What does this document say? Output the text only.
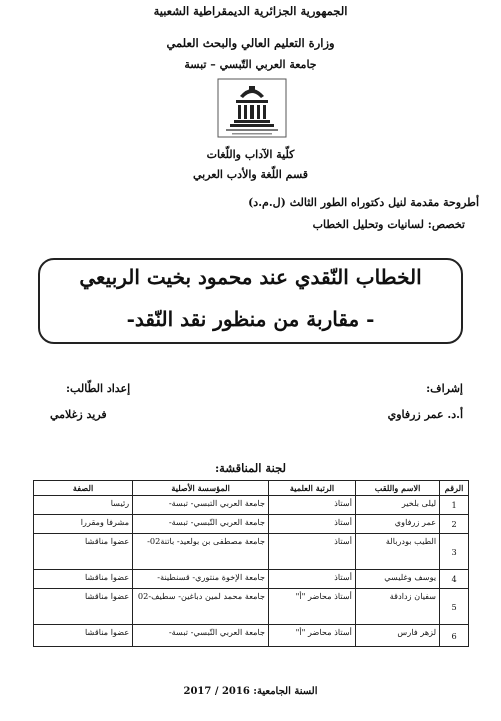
الجمهورية الجزائرية الديمقراطية الشعبية
وزارة التعليم العالي والبحث العلمي
جامعة العربي التّبسي – تبسة
كلّية الآداب واللّغات
قسم اللّغة والأدب العربي
أطروحة مقدمة لنيل دكتوراه الطور الثالث (ل.م.د)
تخصص: لسانيات وتحليل الخطاب
الخطاب النّقدي عند محمود بخيت الربيعي
- مقاربة من منظور نقد النّقد-
إشراف:
إعداد الطّالب:
أ.د. عمر زرفاوي
فريد زغلامي
لجنة المناقشة:
الرقم	الاسم واللقب	الرتبة العلمية	المؤسسة الأصلية	الصفة
1	ليلى بلخير	أستاذ	جامعة العربي التبسي- تبسة-	رئيسا
2	عمر زرفاوي	أستاذ	جامعة العربي التّبسي- تبسة-	مشرفا ومقررا
3	الطيب بودربالة	أستاذ	جامعة مصطفى بن بولعيد- باتنة02-	عضوا مناقشا
4	يوسف وغليسي	أستاذ	جامعة الإخوة منتوري- قسنطينة-	عضوا مناقشا
5	سفيان زدادقة	أستاذ محاضر "أ"	جامعة محمد لمين دباغين- سطيف-02	عضوا مناقشا
6	لزهر فارس	أستاذ محاضر "أ"	جامعة العربي التّبسي- تبسة-	عضوا مناقشا
السنة الجامعية: 2016 / 2017
